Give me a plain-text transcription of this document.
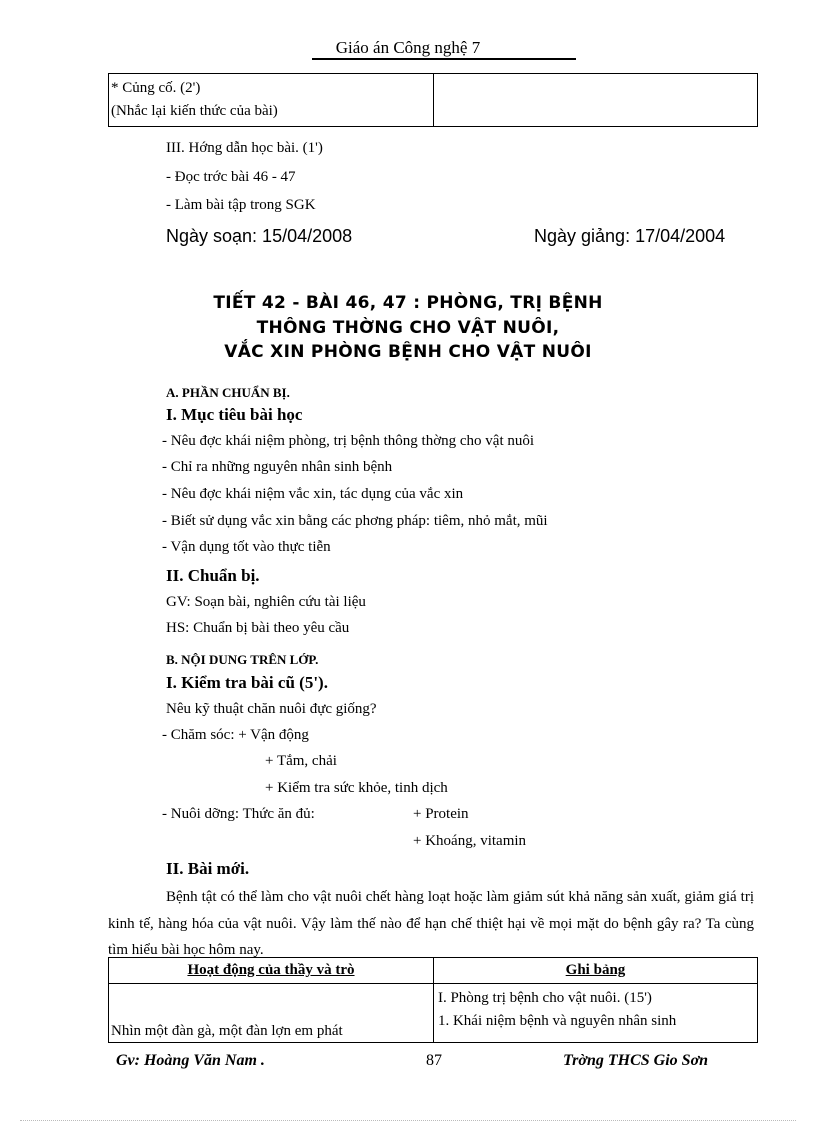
Giáo án Công nghệ 7
* Củng cố. (2')
(Nhắc lại kiến thức của bài)

III. Hớng dẫn học bài. (1')
- Đọc trớc bài 46 - 47
- Làm bài tập trong SGK
Ngày soạn: 15/04/2008	Ngày giảng: 17/04/2004
TIẾT 42 - BÀI 46, 47 : PHÒNG, TRỊ BỆNH
THÔNG THỜNG CHO VẬT NUÔI,
VẮC XIN PHÒNG BỆNH CHO VẬT NUÔI
A. PHẦN CHUẨN BỊ.
I. Mục tiêu bài học
- Nêu đợc khái niệm phòng, trị bệnh thông thờng cho vật nuôi
- Chỉ ra những nguyên nhân sinh bệnh
- Nêu đợc khái niệm vắc xin, tác dụng của vắc xin
- Biết sử dụng vắc xin bằng các phơng pháp: tiêm, nhỏ mắt, mũi
- Vận dụng tốt vào thực tiễn
II. Chuẩn bị.
GV: Soạn bài, nghiên cứu tài liệu
HS: Chuẩn bị bài theo yêu cầu
B. NỘI DUNG TRÊN LỚP.
I. Kiểm tra bài cũ (5').
Nêu kỹ thuật chăn nuôi đực giống?
- Chăm sóc: + Vận động
+ Tắm, chải
+ Kiểm tra sức khỏe, tinh dịch
- Nuôi dỡng: Thức ăn đủ:	+ Protein
+ Khoáng, vitamin
II. Bài mới.
Bệnh tật có thể làm cho vật nuôi chết hàng loạt hoặc làm giảm sút khả năng sản xuất, giảm giá trị kinh tế, hàng hóa của vật nuôi. Vậy làm thế nào để hạn chế thiệt hại về mọi mặt do bệnh gây ra? Ta cùng tìm hiểu bài học hôm nay.
Hoạt động của thầy và trò	Ghi bảng

Nhìn một đàn gà, một đàn lợn em phát	I. Phòng trị bệnh cho vật nuôi. (15')
1. Khái niệm bệnh và nguyên nhân sinh
Gv: Hoàng Văn Nam .	87	Trờng THCS Gio Sơn
